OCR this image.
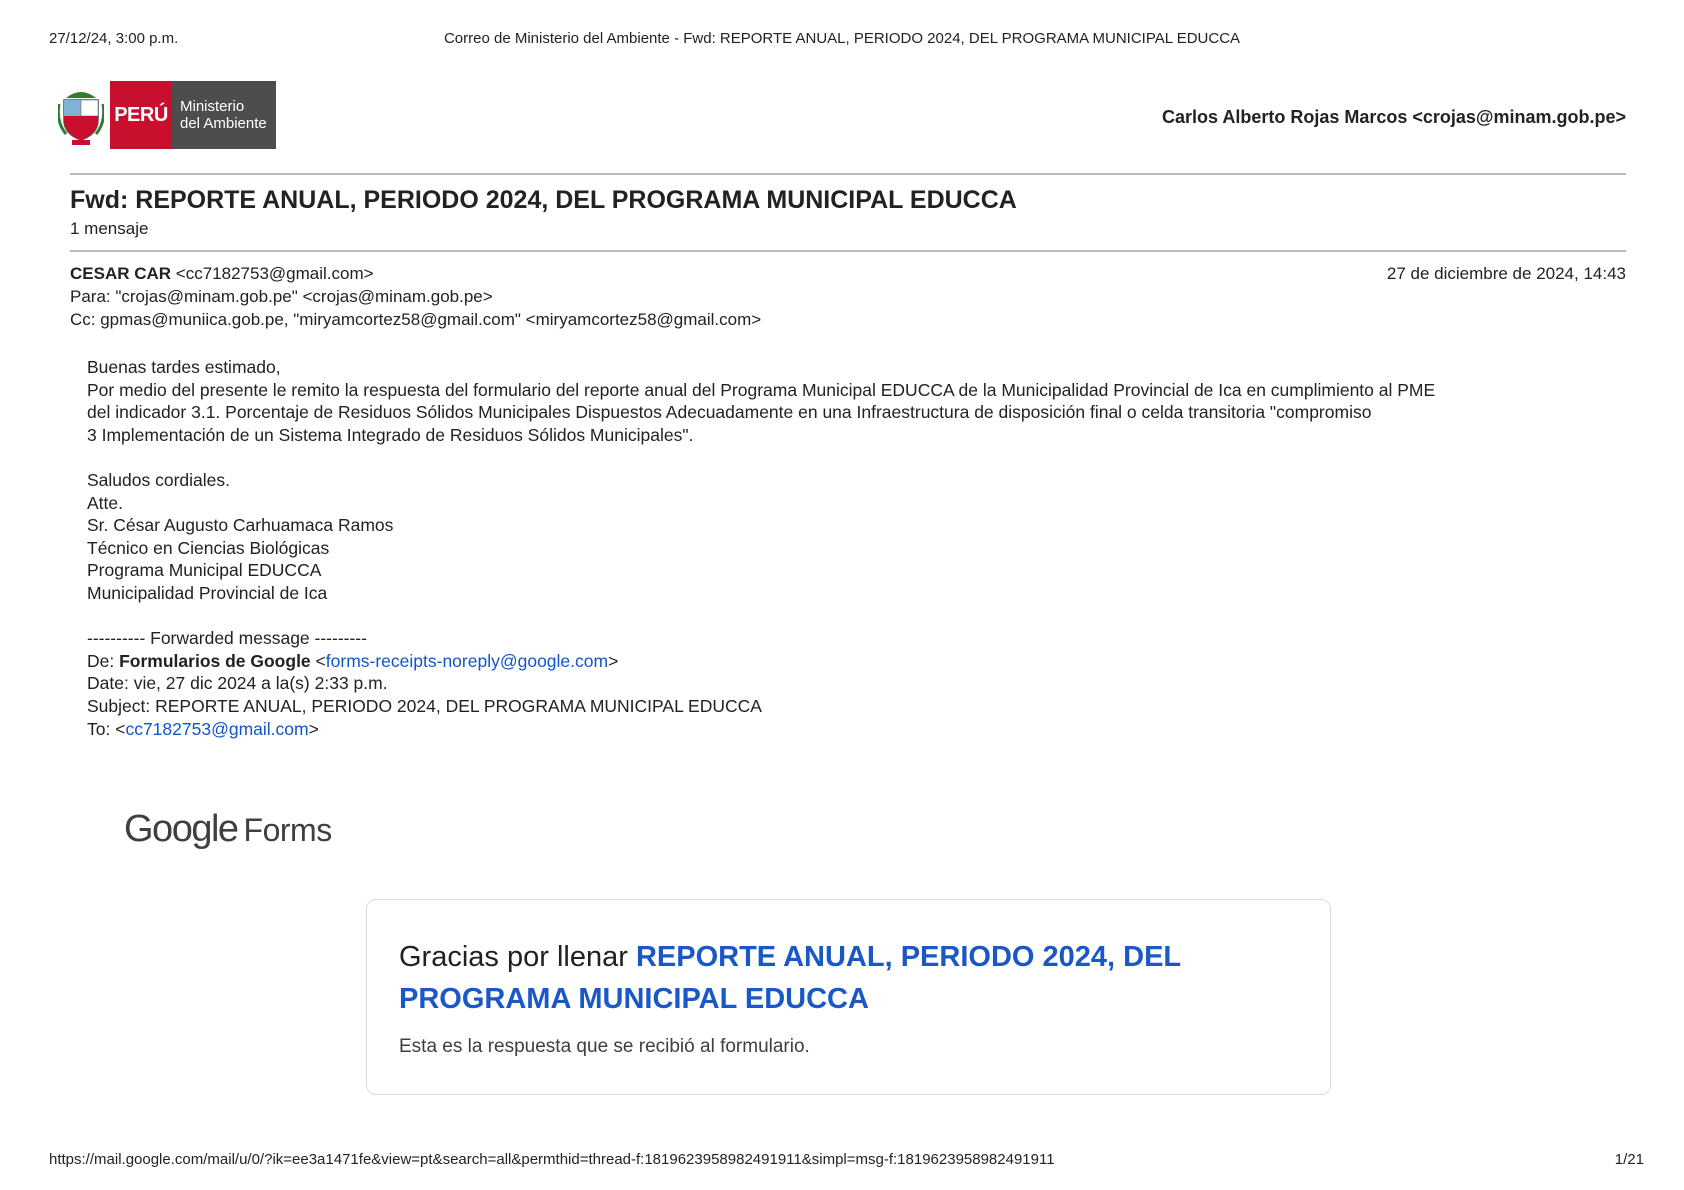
27/12/24, 3:00 p.m.	Correo de Ministerio del Ambiente - Fwd: REPORTE ANUAL, PERIODO 2024, DEL PROGRAMA MUNICIPAL EDUCCA
PERÚ Ministerio
del Ambiente	Carlos Alberto Rojas Marcos <crojas@minam.gob.pe>
Fwd: REPORTE ANUAL, PERIODO 2024, DEL PROGRAMA MUNICIPAL EDUCCA
1 mensaje
CESAR CAR <cc7182753@gmail.com>	27 de diciembre de 2024, 14:43
Para: "crojas@minam.gob.pe" <crojas@minam.gob.pe>
Cc: gpmas@muniica.gob.pe, "miryamcortez58@gmail.com" <miryamcortez58@gmail.com>

Buenas tardes estimado,

Por medio del presente le remito la respuesta del formulario del reporte anual del Programa Municipal EDUCCA de la Municipalidad Provincial de Ica en cumplimiento al PME

del indicador 3.1. Porcentaje de Residuos Sólidos Municipales Dispuestos Adecuadamente en una Infraestructura de disposición final o celda transitoria "compromiso

3 Implementación de un Sistema Integrado de Residuos Sólidos Municipales".

Saludos cordiales.

Atte.

Sr. César Augusto Carhuamaca Ramos

Técnico en Ciencias Biológicas

Programa Municipal EDUCCA

Municipalidad Provincial de Ica

---------- Forwarded message ---------

De: Formularios de Google <forms-receipts-noreply@google.com>

Date: vie, 27 dic 2024 a la(s) 2:33 p.m.

Subject: REPORTE ANUAL, PERIODO 2024, DEL PROGRAMA MUNICIPAL EDUCCA

To: <cc7182753@gmail.com>

Google Forms
Gracias por llenar REPORTE ANUAL, PERIODO 2024, DEL PROGRAMA MUNICIPAL EDUCCA
Esta es la respuesta que se recibió al formulario.
https://mail.google.com/mail/u/0/?ik=ee3a1471fe&view=pt&search=all&permthid=thread-f:1819623958982491911&simpl=msg-f:1819623958982491911	1/21
